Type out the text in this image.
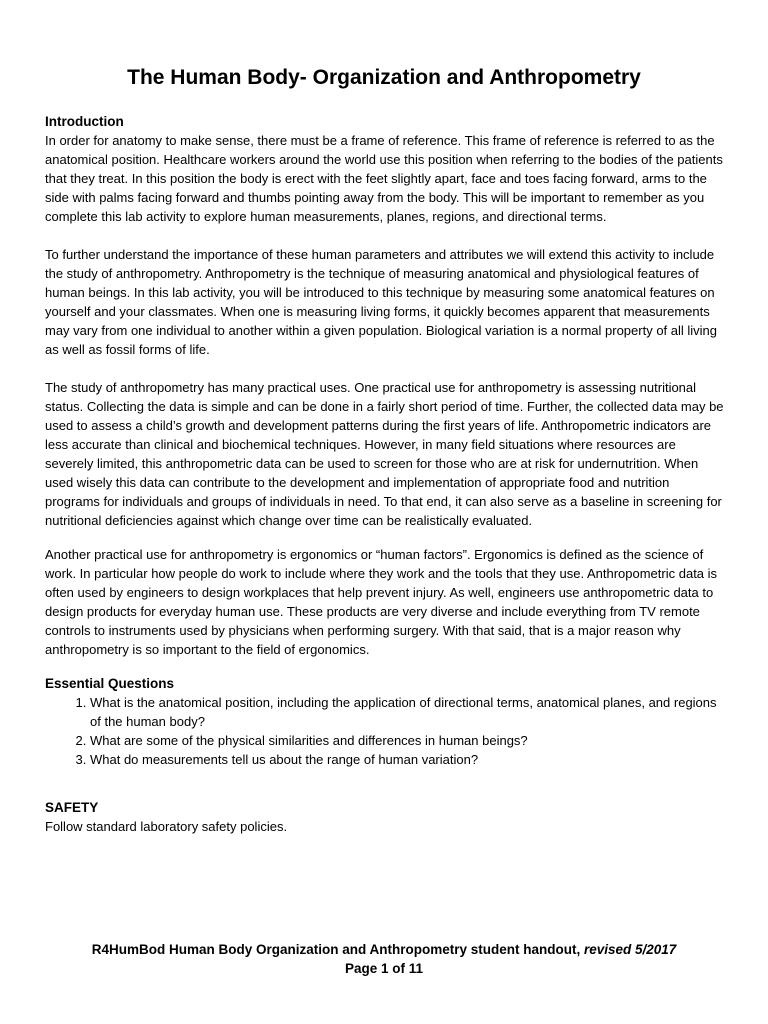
The Human Body- Organization and Anthropometry
Introduction

In order for anatomy to make sense, there must be a frame of reference. This frame of reference is referred to as the anatomical position. Healthcare workers around the world use this position when referring to the bodies of the patients that they treat. In this position the body is erect with the feet slightly apart, face and toes facing forward, arms to the side with palms facing forward and thumbs pointing away from the body. This will be important to remember as you complete this lab activity to explore human measurements, planes, regions, and directional terms.

To further understand the importance of these human parameters and attributes we will extend this activity to include the study of anthropometry. Anthropometry is the technique of measuring anatomical and physiological features of human beings. In this lab activity, you will be introduced to this technique by measuring some anatomical features on yourself and your classmates. When one is measuring living forms, it quickly becomes apparent that measurements may vary from one individual to another within a given population. Biological variation is a normal property of all living as well as fossil forms of life.

The study of anthropometry has many practical uses. One practical use for anthropometry is assessing nutritional status. Collecting the data is simple and can be done in a fairly short period of time. Further, the collected data may be used to assess a child’s growth and development patterns during the first years of life. Anthropometric indicators are less accurate than clinical and biochemical techniques. However, in many field situations where resources are severely limited, this anthropometric data can be used to screen for those who are at risk for undernutrition. When used wisely this data can contribute to the development and implementation of appropriate food and nutrition programs for individuals and groups of individuals in need. To that end, it can also serve as a baseline in screening for nutritional deficiencies against which change over time can be realistically evaluated.

Another practical use for anthropometry is ergonomics or “human factors”. Ergonomics is defined as the science of work. In particular how people do work to include where they work and the tools that they use. Anthropometric data is often used by engineers to design workplaces that help prevent injury. As well, engineers use anthropometric data to design products for everyday human use. These products are very diverse and include everything from TV remote controls to instruments used by physicians when performing surgery. With that said, that is a major reason why anthropometry is so important to the field of ergonomics.

Essential Questions
1. What is the anatomical position, including the application of directional terms, anatomical planes, and regions of the human body?
2. What are some of the physical similarities and differences in human beings?
3. What do measurements tell us about the range of human variation?
SAFETY

Follow standard laboratory safety policies.

R4HumBod Human Body Organization and Anthropometry student handout, revised 5/2017
Page 1 of 11
